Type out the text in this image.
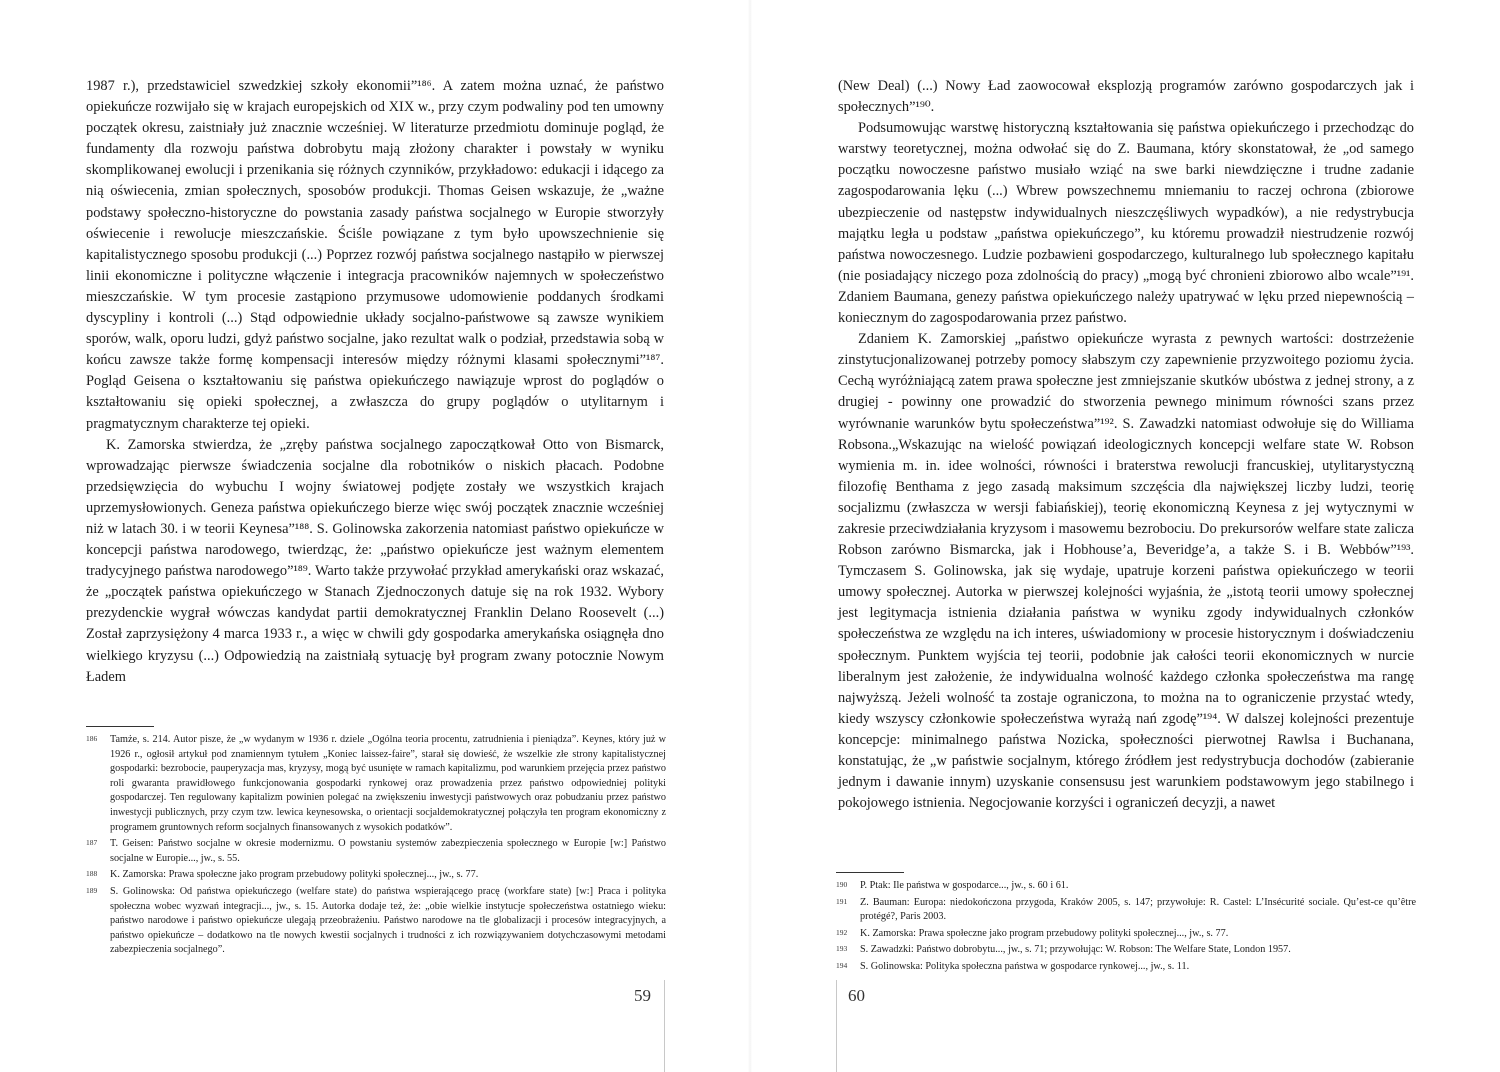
1987 r.), przedstawiciel szwedzkiej szkoły ekonomii”¹⁸⁶. A zatem można uznać, że państwo opiekuńcze rozwijało się w krajach europejskich od XIX w., przy czym podwaliny pod ten umowny początek okresu, zaistniały już znacznie wcześniej. W literaturze przedmiotu dominuje pogląd, że fundamenty dla rozwoju państwa dobrobytu mają złożony charakter i powstały w wyniku skomplikowanej ewolucji i przenikania się różnych czynników, przykładowo: edukacji i idącego za nią oświecenia, zmian społecznych, sposobów produkcji. Thomas Geisen wskazuje, że „ważne podstawy społeczno-historyczne do powstania zasady państwa socjalnego w Europie stworzyły oświecenie i rewolucje mieszczańskie. Ściśle powiązane z tym było upowszechnienie się kapitalistycznego sposobu produkcji (...) Poprzez rozwój państwa socjalnego nastąpiło w pierwszej linii ekonomiczne i polityczne włączenie i integracja pracowników najemnych w społeczeństwo mieszczańskie. W tym procesie zastąpiono przymusowe udomowienie poddanych środkami dyscypliny i kontroli (...) Stąd odpowiednie układy socjalno-państwowe są zawsze wynikiem sporów, walk, oporu ludzi, gdyż państwo socjalne, jako rezultat walk o podział, przedstawia sobą w końcu zawsze także formę kompensacji interesów między różnymi klasami społecznymi”¹⁸⁷. Pogląd Geisena o kształtowaniu się państwa opiekuńczego nawiązuje wprost do poglądów o kształtowaniu się opieki społecznej, a zwłaszcza do grupy poglądów o utylitarnym i pragmatycznym charakterze tej opieki.

K. Zamorska stwierdza, że „zręby państwa socjalnego zapoczątkował Otto von Bismarck, wprowadzając pierwsze świadczenia socjalne dla robotników o niskich płacach. Podobne przedsięwzięcia do wybuchu I wojny światowej podjęte zostały we wszystkich krajach uprzemysłowionych. Geneza państwa opiekuńczego bierze więc swój początek znacznie wcześniej niż w latach 30. i w teorii Keynesa”¹⁸⁸. S. Golinowska zakorzenia natomiast państwo opiekuńcze w koncepcji państwa narodowego, twierdząc, że: „państwo opiekuńcze jest ważnym elementem tradycyjnego państwa narodowego”¹⁸⁹. Warto także przywołać przykład amerykański oraz wskazać, że „początek państwa opiekuńczego w Stanach Zjednoczonych datuje się na rok 1932. Wybory prezydenckie wygrał wówczas kandydat partii demokratycznej Franklin Delano Roosevelt (...) Został zaprzysiężony 4 marca 1933 r., a więc w chwili gdy gospodarka amerykańska osiągnęła dno wielkiego kryzysu (...) Odpowiedzią na zaistniałą sytuację był program zwany potocznie Nowym Ładem

186	Tamże, s. 214. Autor pisze, że „w wydanym w 1936 r. dziele „Ogólna teoria procentu, zatrudnienia i pieniądza”. Keynes, który już w 1926 r., ogłosił artykuł pod znamiennym tytułem „Koniec laissez-faire”, starał się dowieść, że wszelkie złe strony kapitalistycznej gospodarki: bezrobocie, pauperyzacja mas, kryzysy, mogą być usunięte w ramach kapitalizmu, pod warunkiem przejęcia przez państwo roli gwaranta prawidłowego funkcjonowania gospodarki rynkowej oraz prowadzenia przez państwo odpowiedniej polityki gospodarczej. Ten regulowany kapitalizm powinien polegać na zwiększeniu inwestycji państwowych oraz pobudzaniu przez państwo inwestycji publicznych, przy czym tzw. lewica keynesowska, o orientacji socjaldemokratycznej połączyła ten program ekonomiczny z programem gruntownych reform socjalnych finansowanych z wysokich podatków”.
187	T. Geisen: Państwo socjalne w okresie modernizmu. O powstaniu systemów zabezpieczenia społecznego w Europie [w:] Państwo socjalne w Europie..., jw., s. 55.
188	K. Zamorska: Prawa społeczne jako program przebudowy polityki społecznej..., jw., s. 77.
189	S. Golinowska: Od państwa opiekuńczego (welfare state) do państwa wspierającego pracę (workfare state) [w:] Praca i polityka społeczna wobec wyzwań integracji..., jw., s. 15. Autorka dodaje też, że: „obie wielkie instytucje społeczeństwa ostatniego wieku: państwo narodowe i państwo opiekuńcze ulegają przeobrażeniu. Państwo narodowe na tle globalizacji i procesów integracyjnych, a państwo opiekuńcze – dodatkowo na tle nowych kwestii socjalnych i trudności z ich rozwiązywaniem dotychczasowymi metodami zabezpieczenia socjalnego”.
59

(New Deal) (...) Nowy Ład zaowocował eksplozją programów zarówno gospodarczych jak i społecznych”¹⁹⁰.

Podsumowując warstwę historyczną kształtowania się państwa opiekuńczego i przechodząc do warstwy teoretycznej, można odwołać się do Z. Baumana, który skonstatował, że „od samego początku nowoczesne państwo musiało wziąć na swe barki niewdzięczne i trudne zadanie zagospodarowania lęku (...) Wbrew powszechnemu mniemaniu to raczej ochrona (zbiorowe ubezpieczenie od następstw indywidualnych nieszczęśliwych wypadków), a nie redystrybucja majątku legła u podstaw „państwa opiekuńczego”, ku któremu prowadził niestrudzenie rozwój państwa nowoczesnego. Ludzie pozbawieni gospodarczego, kulturalnego lub społecznego kapitału (nie posiadający niczego poza zdolnością do pracy) „mogą być chronieni zbiorowo albo wcale”¹⁹¹. Zdaniem Baumana, genezy państwa opiekuńczego należy upatrywać w lęku przed niepewnością – koniecznym do zagospodarowania przez państwo.

Zdaniem K. Zamorskiej „państwo opiekuńcze wyrasta z pewnych wartości: dostrzeżenie zinstytucjonalizowanej potrzeby pomocy słabszym czy zapewnienie przyzwoitego poziomu życia. Cechą wyróżniającą zatem prawa społeczne jest zmniejszanie skutków ubóstwa z jednej strony, a z drugiej - powinny one prowadzić do stworzenia pewnego minimum równości szans przez wyrównanie warunków bytu społeczeństwa”¹⁹². S. Zawadzki natomiast odwołuje się do Williama Robsona.„Wskazując na wielość powiązań ideologicznych koncepcji welfare state W. Robson wymienia m. in. idee wolności, równości i braterstwa rewolucji francuskiej, utylitarystyczną filozofię Benthama z jego zasadą maksimum szczęścia dla największej liczby ludzi, teorię socjalizmu (zwłaszcza w wersji fabiańskiej), teorię ekonomiczną Keynesa z jej wytycznymi w zakresie przeciwdziałania kryzysom i masowemu bezrobociu. Do prekursorów welfare state zalicza Robson zarówno Bismarcka, jak i Hobhouse’a, Beveridge’a, a także S. i B. Webbów”¹⁹³. Tymczasem S. Golinowska, jak się wydaje, upatruje korzeni państwa opiekuńczego w teorii umowy społecznej. Autorka w pierwszej kolejności wyjaśnia, że „istotą teorii umowy społecznej jest legitymacja istnienia działania państwa w wyniku zgody indywidualnych członków społeczeństwa ze względu na ich interes, uświadomiony w procesie historycznym i doświadczeniu społecznym. Punktem wyjścia tej teorii, podobnie jak całości teorii ekonomicznych w nurcie liberalnym jest założenie, że indywidualna wolność każdego członka społeczeństwa ma rangę najwyższą. Jeżeli wolność ta zostaje ograniczona, to można na to ograniczenie przystać wtedy, kiedy wszyscy członkowie społeczeństwa wyrażą nań zgodę”¹⁹⁴. W dalszej kolejności prezentuje koncepcje: minimalnego państwa Nozicka, społeczności pierwotnej Rawlsa i Buchanana, konstatując, że „w państwie socjalnym, którego źródłem jest redystrybucja dochodów (zabieranie jednym i dawanie innym) uzyskanie consensusu jest warunkiem podstawowym jego stabilnego i pokojowego istnienia. Negocjowanie korzyści i ograniczeń decyzji, a nawet

190	P. Ptak: Ile państwa w gospodarce..., jw., s. 60 i 61.
191	Z. Bauman: Europa: niedokończona przygoda, Kraków 2005, s. 147; przywołuje: R. Castel: L’Insécurité sociale. Qu’est-ce qu’être protégé?, Paris 2003.
192	K. Zamorska: Prawa społeczne jako program przebudowy polityki społecznej..., jw., s. 77.
193	S. Zawadzki: Państwo dobrobytu..., jw., s. 71; przywołując: W. Robson: The Welfare State, London 1957.
194	S. Golinowska: Polityka społeczna państwa w gospodarce rynkowej..., jw., s. 11.
60
